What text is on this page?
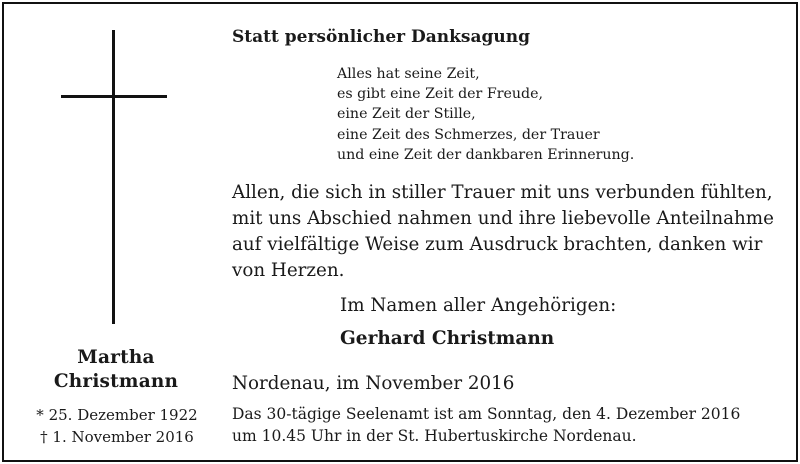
Statt persönlicher Danksagung
Alles hat seine Zeit,
es gibt eine Zeit der Freude,
eine Zeit der Stille,
eine Zeit des Schmerzes, der Trauer
und eine Zeit der dankbaren Erinnerung.
Allen, die sich in stiller Trauer mit uns verbunden fühlten,
mit uns Abschied nahmen und ihre liebevolle Anteilnahme
auf vielfältige Weise zum Ausdruck brachten, danken wir
von Herzen.
Im Namen aller Angehörigen:
Gerhard Christmann
Martha
Christmann
* 25. Dezember 1922
† 1. November 2016
Nordenau, im November 2016
Das 30-tägige Seelenamt ist am Sonntag, den 4. Dezember 2016
um 10.45 Uhr in der St. Hubertuskirche Nordenau.
